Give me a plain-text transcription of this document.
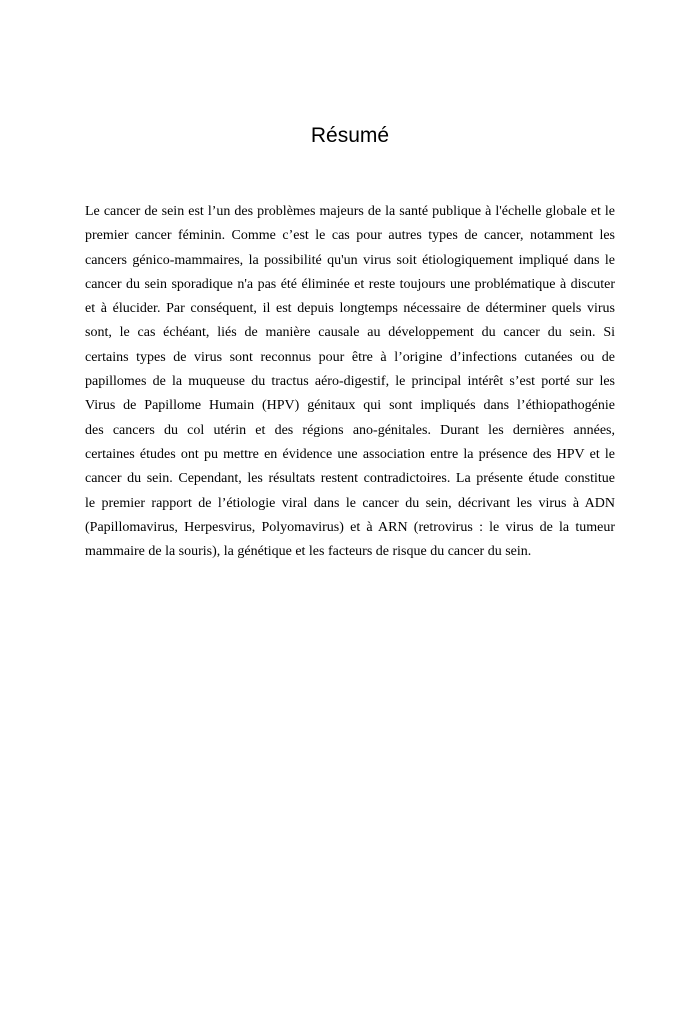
Résumé
Le cancer de sein est l’un des problèmes majeurs de la santé publique à l'échelle globale et le
premier cancer féminin. Comme c’est le cas pour autres types de cancer, notamment les
cancers génico-mammaires, la possibilité qu'un virus soit étiologiquement impliqué dans le
cancer du sein sporadique n'a pas été éliminée et reste toujours une problématique à discuter
et à élucider. Par conséquent, il est depuis longtemps nécessaire de déterminer quels virus
sont, le cas échéant, liés de manière causale au développement du cancer du sein. Si
certains types de virus sont reconnus pour être à l’origine d’infections cutanées ou de
papillomes de la muqueuse du tractus aéro-digestif, le principal intérêt s’est porté sur les
Virus de Papillome Humain (HPV) génitaux qui sont impliqués dans l’éthiopathogénie
des cancers du col utérin et des régions ano-génitales. Durant les dernières années,
certaines études ont pu mettre en évidence une association entre la présence des HPV et le
cancer du sein. Cependant, les résultats restent contradictoires. La présente étude constitue
le premier rapport de l’étiologie viral dans le cancer du sein, décrivant les virus à ADN
(Papillomavirus, Herpesvirus, Polyomavirus) et à ARN (retrovirus : le virus de la tumeur
mammaire de la souris), la génétique et les facteurs de risque du cancer du sein.
